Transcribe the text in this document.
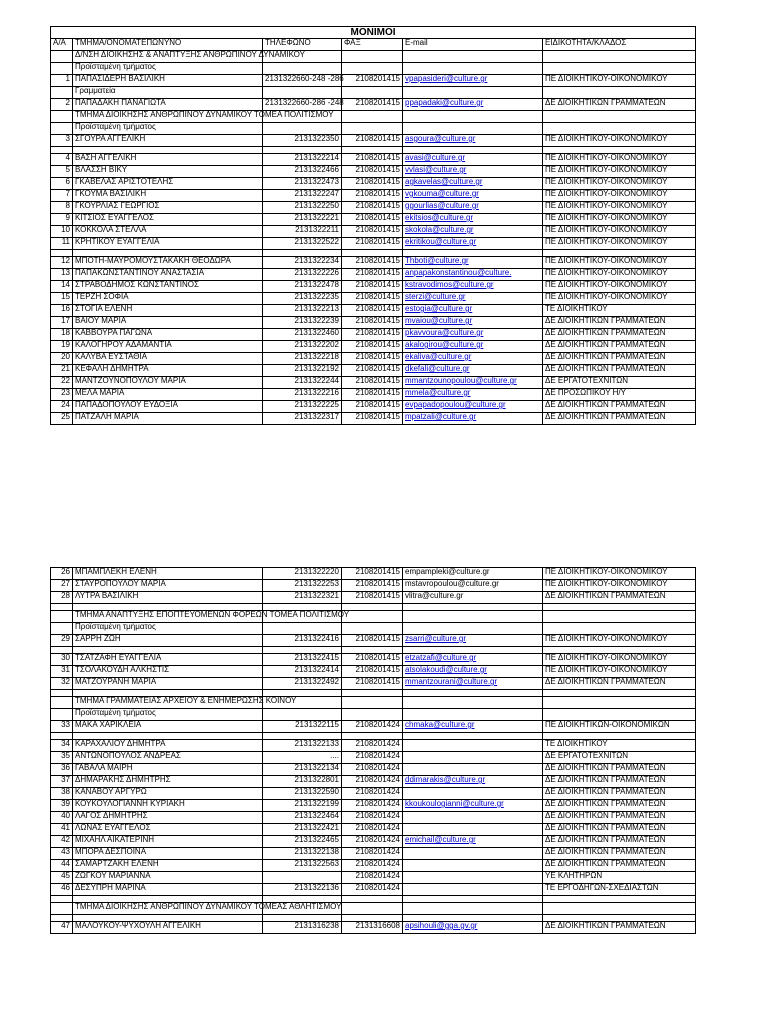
ΜΟΝΙΜΟΙ					
Α/Α	ΤΜΗΜΑ/ΟΝΟΜΑΤΕΠΩΝΥΝΟ	ΤΗΛΕΦΩΝΟ	ΦΑΞ	E-mail	ΕΙΔΙΚΟΤΗΤΑ/ΚΛΑΔΟΣ
	Δ/ΝΣΗ ΔΙΟΙΚΗΣΗΣ & ΑΝΑΠΤΥΞΗΣ ΑΝΘΡΩΠΙΝΟΥ ΔΥΝΑΜΙΚΟΥ				
	Προϊσταμένη τμήματος				
1	ΠΑΠΑΣΙΔΕΡΗ ΒΑΣΙΛΙΚΗ	2131322660-248 -286	2108201415	vpapasideri@culture.gr	ΠΕ ΔΙΟΙΚΗΤΙΚΟΥ-ΟΙΚΟΝΟΜΙΚΟΥ
	Γραμματεία				
2	ΠΑΠΑΔΑΚΗ ΠΑΝΑΓΙΩΤΑ	2131322660-286 -248	2108201415	ppapadaki@culture.gr	ΔΕ ΔΙΟΙΚΗΤΙΚΩΝ ΓΡΑΜΜΑΤΕΩΝ
	ΤΜΗΜΑ ΔΙΟΙΚΗΣΗΣ ΑΝΘΡΩΠΙΝΟΥ ΔΥΝΑΜΙΚΟΥ ΤΟΜΕΑ ΠΟΛΙΤΙΣΜΟΥ				
	Προϊσταμένη τμήματος				
3	ΣΓΟΥΡΑ ΑΓΓΕΛΙΚΗ	2131322350	2108201415	asgoura@culture.gr	ΠΕ ΔΙΟΙΚΗΤΙΚΟΥ-ΟΙΚΟΝΟΜΙΚΟΥ

4	ΒΑΣΗ ΑΓΓΕΛΙΚΗ	2131322214	2108201415	avasi@culture.gr	ΠΕ ΔΙΟΙΚΗΤΙΚΟΥ-ΟΙΚΟΝΟΜΙΚΟΥ
5	ΒΛΑΣΣΗ ΒΙΚΥ	2131322466	2108201415	vvlasi@culture.gr	ΠΕ ΔΙΟΙΚΗΤΙΚΟΥ-ΟΙΚΟΝΟΜΙΚΟΥ
6	ΓΚΑΒΕΛΑΣ ΑΡΙΣΤΟΤΕΛΗΣ	2131322473	2108201415	agkavelas@culture.gr	ΠΕ ΔΙΟΙΚΗΤΙΚΟΥ-ΟΙΚΟΝΟΜΙΚΟΥ
7	ΓΚΟΥΜΑ ΒΑΣΙΛΙΚΗ	2131322247	2108201415	vgkouma@culture.gr	ΠΕ ΔΙΟΙΚΗΤΙΚΟΥ-ΟΙΚΟΝΟΜΙΚΟΥ
8	ΓΚΟΥΡΛΙΑΣ ΓΕΩΡΓΙΟΣ	2131322250	2108201415	ggourlias@culture.gr	ΠΕ ΔΙΟΙΚΗΤΙΚΟΥ-ΟΙΚΟΝΟΜΙΚΟΥ
9	ΚΙΤΣΙΟΣ ΕΥΑΓΓΕΛΟΣ	2131322221	2108201415	ekitsios@culture.gr	ΠΕ ΔΙΟΙΚΗΤΙΚΟΥ-ΟΙΚΟΝΟΜΙΚΟΥ
10	ΚΟΚΚΟΛΑ ΣΤΕΛΛΑ	2131322211	2108201415	skokola@culture.gr	ΠΕ ΔΙΟΙΚΗΤΙΚΟΥ-ΟΙΚΟΝΟΜΙΚΟΥ
11	ΚΡΗΤΙΚΟΥ ΕΥΑΓΓΕΛΙΑ	2131322522	2108201415	ekritikou@culture.gr	ΠΕ ΔΙΟΙΚΗΤΙΚΟΥ-ΟΙΚΟΝΟΜΙΚΟΥ

12	ΜΠΟΤΗ-ΜΑΥΡΟΜΟΥΣΤΑΚΑΚΗ ΘΕΟΔΩΡΑ	2131322234	2108201415	Thboti@culture.gr	ΠΕ ΔΙΟΙΚΗΤΙΚΟΥ-ΟΙΚΟΝΟΜΙΚΟΥ
13	ΠΑΠΑΚΩΝΣΤΑΝΤΙΝΟΥ ΑΝΑΣΤΑΣΙΑ	2131322226	2108201415	anpapakonstantinou@culture.	ΠΕ ΔΙΟΙΚΗΤΙΚΟΥ-ΟΙΚΟΝΟΜΙΚΟΥ
14	ΣΤΡΑΒΟΔΗΜΟΣ ΚΩΝΣΤΑΝΤΙΝΟΣ	2131322478	2108201415	kstravodimos@culture.gr	ΠΕ ΔΙΟΙΚΗΤΙΚΟΥ-ΟΙΚΟΝΟΜΙΚΟΥ
15	ΤΕΡΖΗ ΣΟΦΙΑ	2131322235	2108201415	sterzi@culture.gr	ΠΕ ΔΙΟΙΚΗΤΙΚΟΥ-ΟΙΚΟΝΟΜΙΚΟΥ
16	ΣΤΟΓΙΑ ΕΛΕΝΗ	2131322213	2108201415	estogia@culture.gr	ΤΕ ΔΙΟΙΚΗΤΙΚΟΥ
17	ΒΑΙΟΥ ΜΑΡΙΑ	2131322239	2108201415	mvaiou@culture.gr	ΔΕ ΔΙΟΙΚΗΤΙΚΩΝ ΓΡΑΜΜΑΤΕΩΝ
18	ΚΑΒΒΟΥΡΑ ΠΑΓΩΝΑ	2131322460	2108201415	pkavvoura@culture.gr	ΔΕ ΔΙΟΙΚΗΤΙΚΩΝ ΓΡΑΜΜΑΤΕΩΝ
19	ΚΑΛΟΓΗΡΟΥ ΑΔΑΜΑΝΤΙΑ	2131322202	2108201415	akalogirou@culture.gr	ΔΕ ΔΙΟΙΚΗΤΙΚΩΝ ΓΡΑΜΜΑΤΕΩΝ
20	ΚΑΛΥΒΑ ΕΥΣΤΑΘΙΑ	2131322218	2108201415	ekaliva@culture.gr	ΔΕ ΔΙΟΙΚΗΤΙΚΩΝ ΓΡΑΜΜΑΤΕΩΝ
21	ΚΕΦΑΛΗ ΔΗΜΗΤΡΑ	2131322192	2108201415	dkefali@culture.gr	ΔΕ ΔΙΟΙΚΗΤΙΚΩΝ ΓΡΑΜΜΑΤΕΩΝ
22	ΜΑΝΤΖΟΥΝΟΠΟΥΛΟΥ ΜΑΡΙΑ	2131322244	2108201415	mmantzounopoulou@culture.gr	ΔΕ ΕΡΓΑΤΟΤΕΧΝΙΤΩΝ
23	ΜΕΛΑ ΜΑΡΙΑ	2131322216	2108201415	mmela@culture.gr	ΔΕ ΠΡΟΣΩΠΙΚΟΥ Η/Υ
24	ΠΑΠΑΔΟΠΟΥΛΟΥ ΕΥΔΟΞΙΑ	2131322225	2108201415	evpapadopoulou@culture.gr	ΔΕ ΔΙΟΙΚΗΤΙΚΩΝ ΓΡΑΜΜΑΤΕΩΝ
25	ΠΑΤΖΑΛΗ ΜΑΡΙΑ	2131322317	2108201415	mpatzali@culture.gr	ΔΕ ΔΙΟΙΚΗΤΙΚΩΝ ΓΡΑΜΜΑΤΕΩΝ
26	ΜΠΑΜΠΛΕΚΗ ΕΛΕΝΗ	2131322220	2108201415	empampleki@culture.gr	ΠΕ ΔΙΟΙΚΗΤΙΚΟΥ-ΟΙΚΟΝΟΜΙΚΟΥ
27	ΣΤΑΥΡΟΠΟΥΛΟΥ ΜΑΡΙΑ	2131322253	2108201415	mstavropoulou@culture.gr	ΠΕ ΔΙΟΙΚΗΤΙΚΟΥ-ΟΙΚΟΝΟΜΙΚΟΥ
28	ΛΥΤΡΑ ΒΑΣΙΛΙΚΗ	2131322321	2108201415	vlitra@culture.gr	ΔΕ ΔΙΟΙΚΗΤΙΚΩΝ ΓΡΑΜΜΑΤΕΩΝ

	ΤΜΗΜΑ ΑΝΑΠΤΥΞΗΣ ΕΠΟΠΤΕΥΟΜΕΝΩΝ ΦΟΡΕΩΝ ΤΟΜΕΑ ΠΟΛΙΤΙΣΜΟΥ				
	Προϊσταμένη τμήματος				
29	ΣΑΡΡΗ ΖΩΗ	2131322416	2108201415	zsarri@culture.gr	ΠΕ ΔΙΟΙΚΗΤΙΚΟΥ-ΟΙΚΟΝΟΜΙΚΟΥ

30	ΤΣΑΤΖΑΦΗ ΕΥΑΓΓΕΛΙΑ	2131322415	2108201415	etzatzafi@culture.gr	ΠΕ ΔΙΟΙΚΗΤΙΚΟΥ-ΟΙΚΟΝΟΜΙΚΟΥ
31	ΤΣΟΛΑΚΟΥΔΗ ΑΛΚΗΣΤΙΣ	2131322414	2108201415	atsolakoudi@culture.gr	ΠΕ ΔΙΟΙΚΗΤΙΚΟΥ-ΟΙΚΟΝΟΜΙΚΟΥ
32	ΜΑΤΖΟΥΡΑΝΗ ΜΑΡΙΑ	2131322492	2108201415	mmantzourani@culture.gr	ΔΕ ΔΙΟΙΚΗΤΙΚΩΝ ΓΡΑΜΜΑΤΕΩΝ

	ΤΜΗΜΑ ΓΡΑΜΜΑΤΕΙΑΣ ΑΡΧΕΙΟΥ & ΕΝΗΜΕΡΩΣΗΣ ΚΟΙΝΟΥ				
	Προϊσταμένη τμήματος				
33	ΜΑΚΑ ΧΑΡΙΚΛΕΙΑ	2131322115	2108201424	chmaka@culture.gr	ΠΕ ΔΙΟΙΚΗΤΙΚΩΝ-ΟΙΚΟΝΟΜΙΚΩΝ

34	ΚΑΡΑΧΑΛΙΟΥ ΔΗΜΗΤΡΑ	2131322133	2108201424		ΤΕ ΔΙΟΙΚΗΤΙΚΟΥ
35	ΑΝΤΩΝΟΠΟΥΛΟΣ ΑΝΔΡΕΑΣ	....	2108201424		ΔΕ ΕΡΓΑΤΟΤΕΧΝΙΤΩΝ
36	ΓΑΒΑΛΑ ΜΑΙΡΗ	2131322134	2108201424		ΔΕ ΔΙΟΙΚΗΤΙΚΩΝ ΓΡΑΜΜΑΤΕΩΝ
37	ΔΗΜΑΡΑΚΗΣ ΔΗΜΗΤΡΗΣ	2131322801	2108201424	ddimarakis@culture.gr	ΔΕ ΔΙΟΙΚΗΤΙΚΩΝ ΓΡΑΜΜΑΤΕΩΝ
38	ΚΑΝΑΒΟΥ ΑΡΓΥΡΩ	2131322590	2108201424		ΔΕ ΔΙΟΙΚΗΤΙΚΩΝ ΓΡΑΜΜΑΤΕΩΝ
39	ΚΟΥΚΟΥΛΟΓΙΑΝΝΗ ΚΥΡΙΑΚΗ	2131322199	2108201424	kkoukoulogianni@culture.gr	ΔΕ ΔΙΟΙΚΗΤΙΚΩΝ ΓΡΑΜΜΑΤΕΩΝ
40	ΛΑΓΟΣ ΔΗΜΗΤΡΗΣ	2131322464	2108201424		ΔΕ ΔΙΟΙΚΗΤΙΚΩΝ ΓΡΑΜΜΑΤΕΩΝ
41	ΛΩΝΑΣ ΕΥΑΓΓΕΛΟΣ	2131322421	2108201424		ΔΕ ΔΙΟΙΚΗΤΙΚΩΝ ΓΡΑΜΜΑΤΕΩΝ
42	ΜΙΧΑΗΛ ΑΙΚΑΤΕΡΙΝΗ	2131322465	2108201424	emichail@culture.gr	ΔΕ ΔΙΟΙΚΗΤΙΚΩΝ ΓΡΑΜΜΑΤΕΩΝ
43	ΜΠΟΡΑ ΔΕΣΠΟΙΝΑ	2131322138	2108201424		ΔΕ ΔΙΟΙΚΗΤΙΚΩΝ ΓΡΑΜΜΑΤΕΩΝ
44	ΣΑΜΑΡΤΖΑΚΗ ΕΛΕΝΗ	2131322563	2108201424		ΔΕ ΔΙΟΙΚΗΤΙΚΩΝ ΓΡΑΜΜΑΤΕΩΝ
45	ΖΩΓΚΟΥ ΜΑΡΙΑΝΝΑ		2108201424		ΥΕ ΚΛΗΤΗΡΩΝ
46	ΔΕΣΥΠΡΗ ΜΑΡΙΝΑ	2131322136	2108201424		ΤΕ ΕΡΓΟΔΗΓΩΝ-ΣΧΕΔΙΑΣΤΩΝ

	ΤΜΗΜΑ ΔΙΟΙΚΗΣΗΣ ΑΝΘΡΩΠΙΝΟΥ ΔΥΝΑΜΙΚΟΥ ΤΟΜΕΑΣ ΑΘΛΗΤΙΣΜΟΥ				

47	ΜΑΛΟΥΚΟΥ-ΨΥΧΟΥΛΗ ΑΓΓΕΛΙΚΗ	2131316238	2131316608	apsihouli@gga.gv.gr	ΔΕ ΔΙΟΙΚΗΤΙΚΩΝ ΓΡΑΜΜΑΤΕΩΝ
